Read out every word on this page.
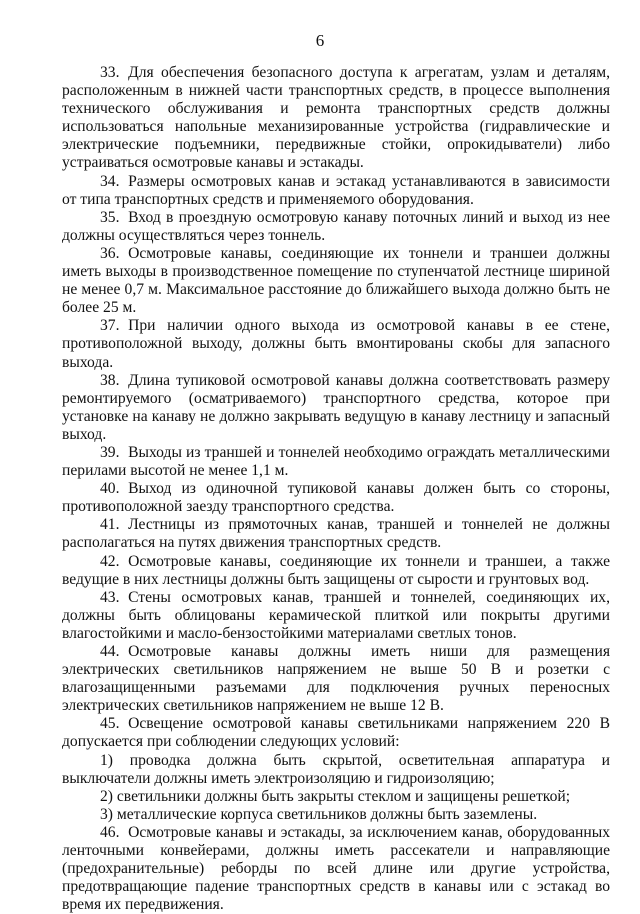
6

33. Для обеспечения безопасного доступа к агрегатам, узлам и деталям, расположенным в нижней части транспортных средств, в процессе выполнения технического обслуживания и ремонта транспортных средств должны использоваться напольные механизированные устройства (гидравлические и электрические подъемники, передвижные стойки, опрокидыватели) либо устраиваться осмотровые канавы и эстакады.

34. Размеры осмотровых канав и эстакад устанавливаются в зависимости от типа транспортных средств и применяемого оборудования.

35. Вход в проездную осмотровую канаву поточных линий и выход из нее должны осуществляться через тоннель.

36. Осмотровые канавы, соединяющие их тоннели и траншеи должны иметь выходы в производственное помещение по ступенчатой лестнице шириной не менее 0,7 м. Максимальное расстояние до ближайшего выхода должно быть не более 25 м.

37. При наличии одного выхода из осмотровой канавы в ее стене, противоположной выходу, должны быть вмонтированы скобы для запасного выхода.

38. Длина тупиковой осмотровой канавы должна соответствовать размеру ремонтируемого (осматриваемого) транспортного средства, которое при установке на канаву не должно закрывать ведущую в канаву лестницу и запасный выход.

39. Выходы из траншей и тоннелей необходимо ограждать металлическими перилами высотой не менее 1,1 м.

40. Выход из одиночной тупиковой канавы должен быть со стороны, противоположной заезду транспортного средства.

41. Лестницы из прямоточных канав, траншей и тоннелей не должны располагаться на путях движения транспортных средств.

42. Осмотровые канавы, соединяющие их тоннели и траншеи, а также ведущие в них лестницы должны быть защищены от сырости и грунтовых вод.

43. Стены осмотровых канав, траншей и тоннелей, соединяющих их, должны быть облицованы керамической плиткой или покрыты другими влагостойкими и масло-бензостойкими материалами светлых тонов.

44. Осмотровые канавы должны иметь ниши для размещения электрических светильников напряжением не выше 50 В и розетки с влагозащищенными разъемами для подключения ручных переносных электрических светильников напряжением не выше 12 В.

45. Освещение осмотровой канавы светильниками напряжением 220 В допускается при соблюдении следующих условий:

1) проводка должна быть скрытой, осветительная аппаратура и выключатели должны иметь электроизоляцию и гидроизоляцию;

2) светильники должны быть закрыты стеклом и защищены решеткой;

3) металлические корпуса светильников должны быть заземлены.

46. Осмотровые канавы и эстакады, за исключением канав, оборудованных ленточными конвейерами, должны иметь рассекатели и направляющие (предохранительные) реборды по всей длине или другие устройства, предотвращающие падение транспортных средств в канавы или с эстакад во время их передвижения.
